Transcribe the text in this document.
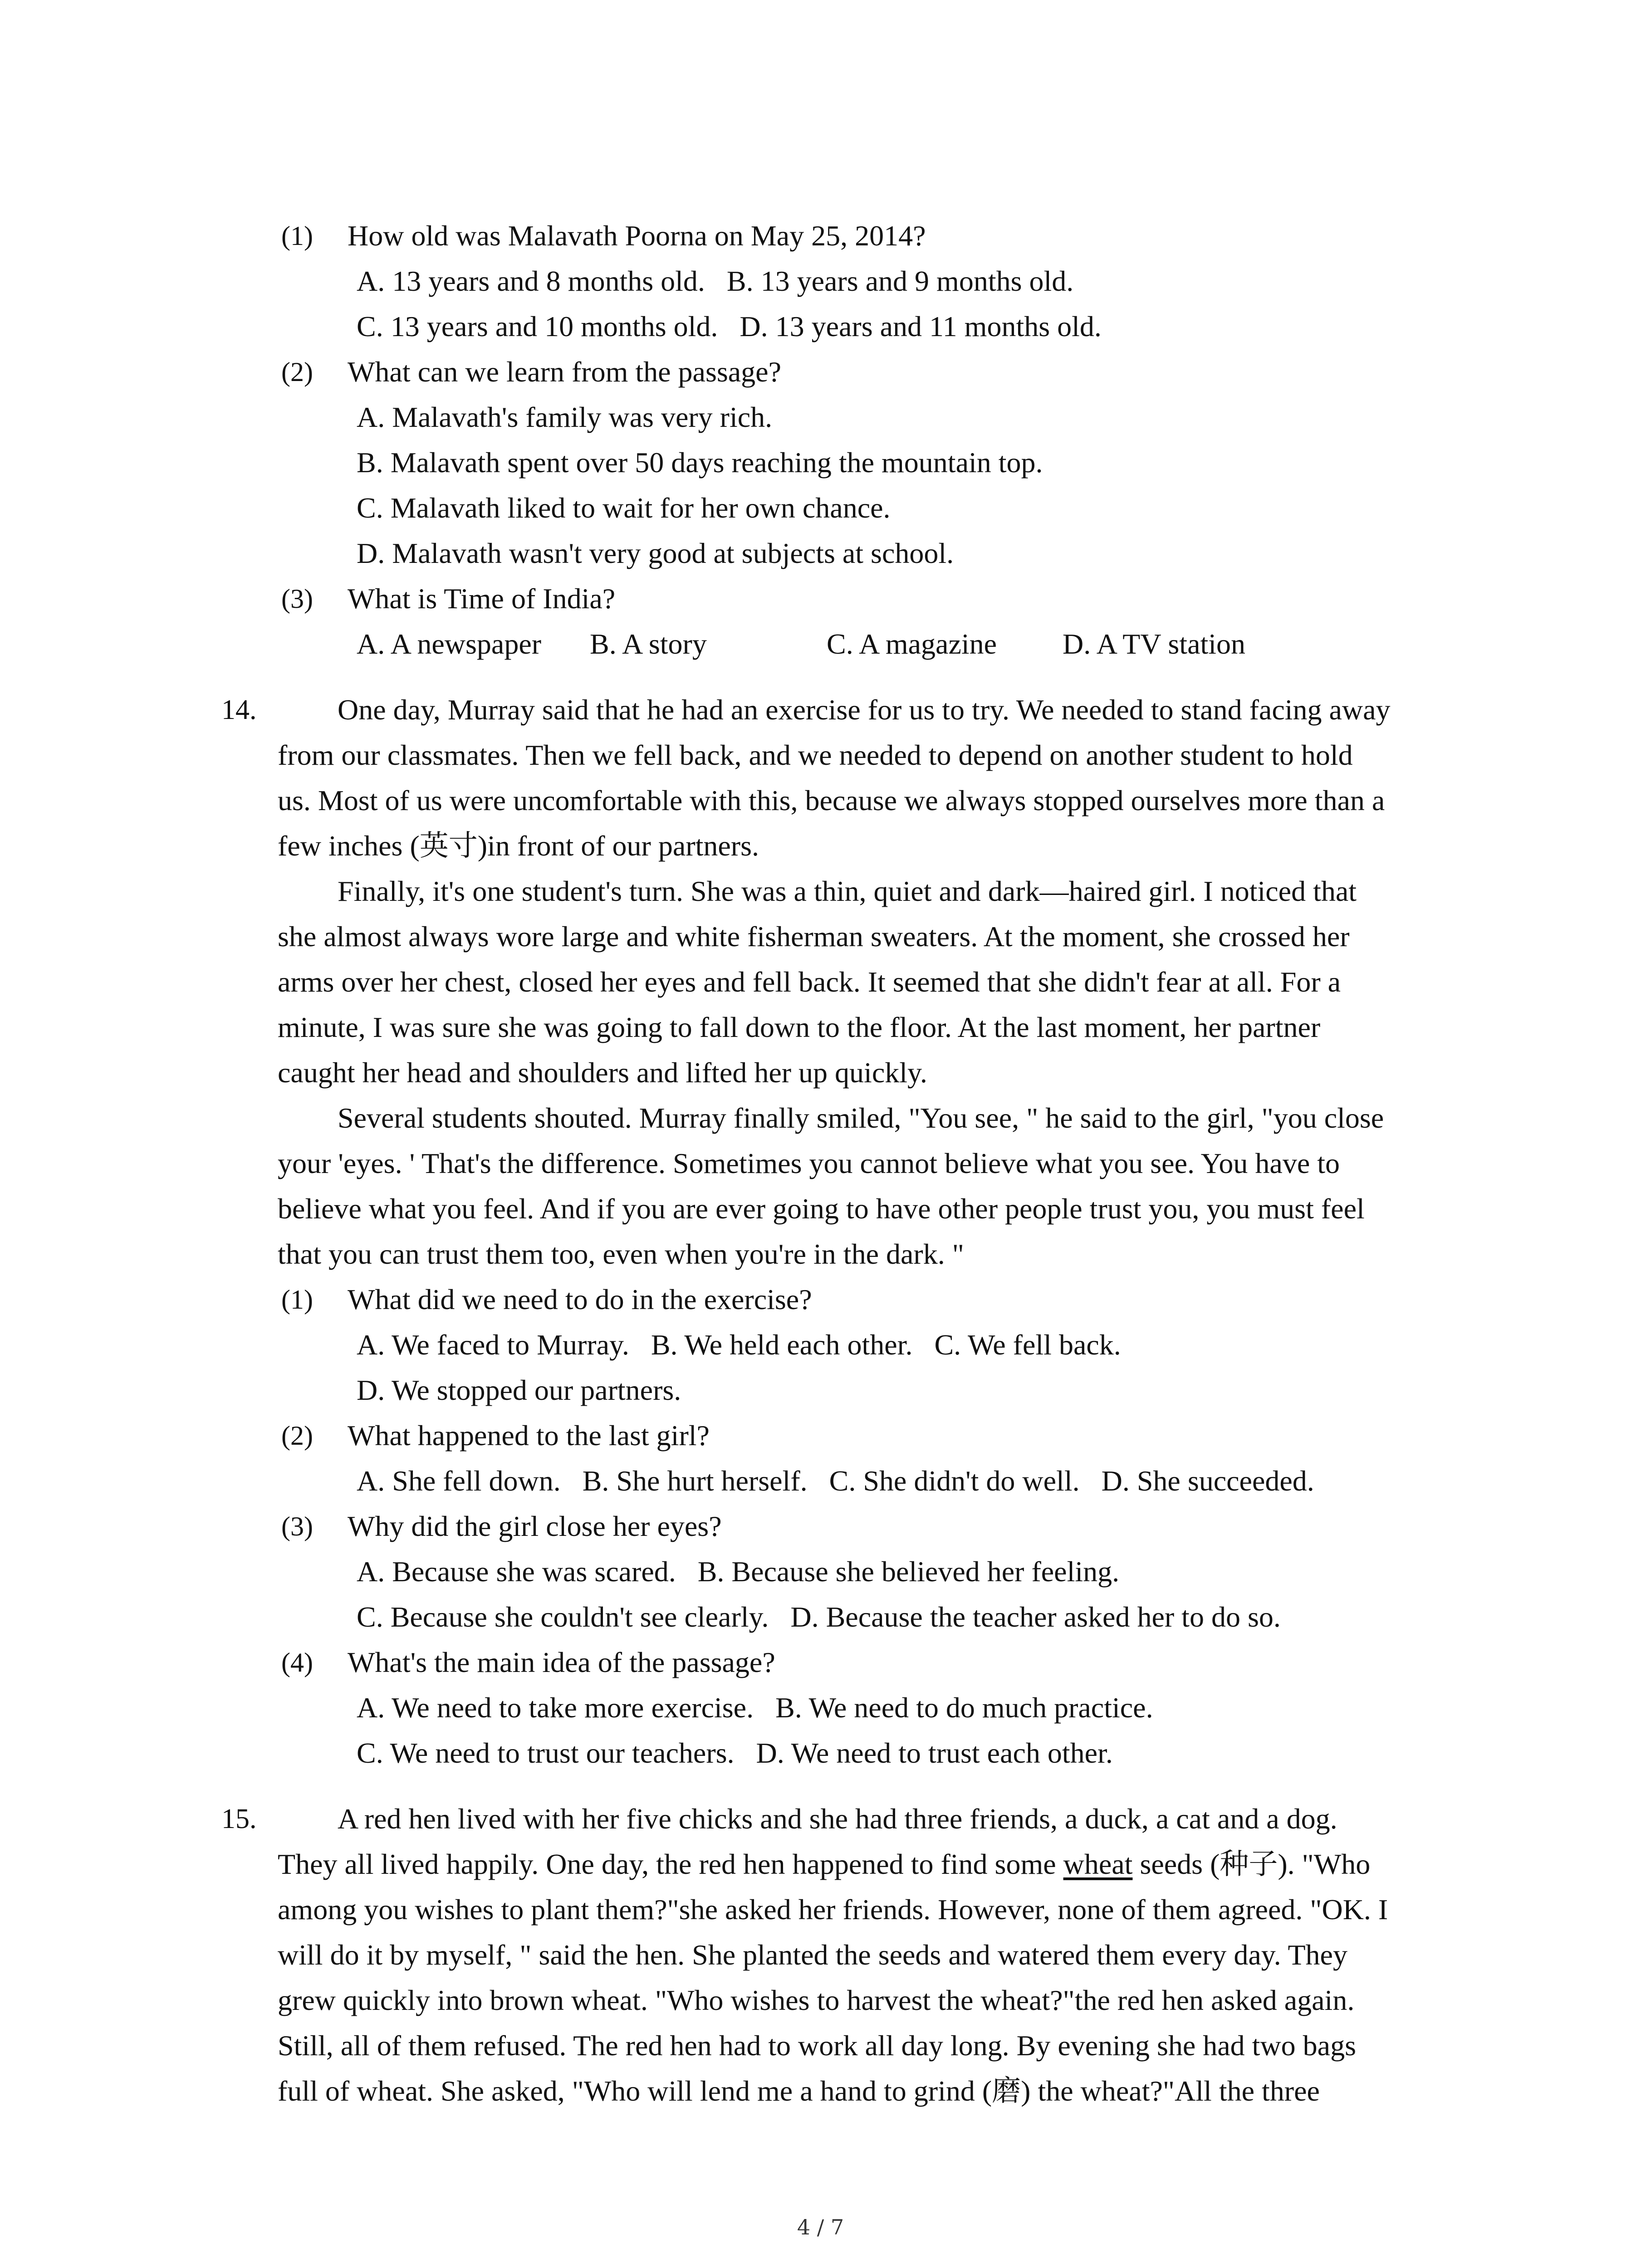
(1) How old was Malavath Poorna on May 25, 2014?
A. 13 years and 8 months old.   B. 13 years and 9 months old.
C. 13 years and 10 months old.   D. 13 years and 11 months old.
(2) What can we learn from the passage?
A. Malavath's family was very rich.
B. Malavath spent over 50 days reaching the mountain top.
C. Malavath liked to wait for her own chance.
D. Malavath wasn't very good at subjects at school.
(3) What is Time of India?
A. A newspaper B. A story	C. A magazine D. A TV station
14.	One day, Murray said that he had an exercise for us to try. We needed to stand facing away
from our classmates. Then we fell back, and we needed to depend on another student to hold
us. Most of us were uncomfortable with this, because we always stopped ourselves more than a
few inches (英寸)in front of our partners.
Finally, it's one student's turn. She was a thin, quiet and dark—haired girl. I noticed that
she almost always wore large and white fisherman sweaters. At the moment, she crossed her
arms over her chest, closed her eyes and fell back. It seemed that she didn't fear at all. For a
minute, I was sure she was going to fall down to the floor. At the last moment, her partner
caught her head and shoulders and lifted her up quickly.
Several students shouted. Murray finally smiled, "You see, " he said to the girl, "you close
your 'eyes. ' That's the difference. Sometimes you cannot believe what you see. You have to
believe what you feel. And if you are ever going to have other people trust you, you must feel
that you can trust them too, even when you're in the dark. "
(1) What did we need to do in the exercise?
A. We faced to Murray.   B. We held each other.   C. We fell back.
D. We stopped our partners.
(2) What happened to the last girl?
A. She fell down.   B. She hurt herself.   C. She didn't do well.   D. She succeeded.
(3) Why did the girl close her eyes?
A. Because she was scared.   B. Because she believed her feeling.
C. Because she couldn't see clearly.   D. Because the teacher asked her to do so.
(4) What's the main idea of the passage?
A. We need to take more exercise.   B. We need to do much practice.
C. We need to trust our teachers.   D. We need to trust each other.
15.	A red hen lived with her five chicks and she had three friends, a duck, a cat and a dog.
They all lived happily. One day, the red hen happened to find some wheat seeds (种子). "Who
among you wishes to plant them?"she asked her friends. However, none of them agreed. "OK. I
will do it by myself, " said the hen. She planted the seeds and watered them every day. They
grew quickly into brown wheat. "Who wishes to harvest the wheat?"the red hen asked again.
Still, all of them refused. The red hen had to work all day long. By evening she had two bags
full of wheat. She asked, "Who will lend me a hand to grind (磨) the wheat?"All the three
4 / 7
